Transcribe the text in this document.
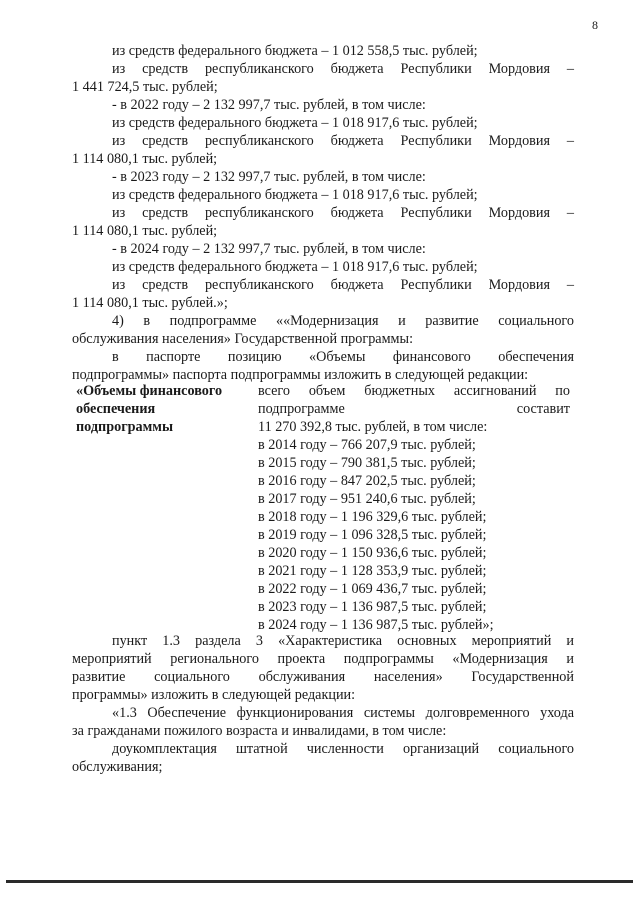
8
из средств федерального бюджета – 1 012 558,5 тыс. рублей;
из средств республиканского бюджета Республики Мордовия –
1 441 724,5 тыс. рублей;
- в 2022 году – 2 132 997,7 тыс. рублей, в том числе:
из средств федерального бюджета – 1 018 917,6 тыс. рублей;
из средств республиканского бюджета Республики Мордовия –
1 114 080,1 тыс. рублей;
- в 2023 году – 2 132 997,7 тыс. рублей, в том числе:
из средств федерального бюджета – 1 018 917,6 тыс. рублей;
из средств республиканского бюджета Республики Мордовия –
1 114 080,1 тыс. рублей;
- в 2024 году – 2 132 997,7 тыс. рублей, в том числе:
из средств федерального бюджета – 1 018 917,6 тыс. рублей;
из средств республиканского бюджета Республики Мордовия –
1 114 080,1 тыс. рублей.»;
4) в подпрограмме ««Модернизация и развитие социального
обслуживания населения» Государственной программы:
в паспорте позицию «Объемы финансового обеспечения
подпрограммы» паспорта подпрограммы изложить в следующей редакции:
«Объемы финансового
обеспечения
подпрограммы
всего объем бюджетных ассигнований по
подпрограмме составит
11 270 392,8 тыс. рублей, в том числе:
в 2014 году – 766 207,9 тыс. рублей;
в 2015 году – 790 381,5 тыс. рублей;
в 2016 году – 847 202,5 тыс. рублей;
в 2017 году – 951 240,6 тыс. рублей;
в 2018 году – 1 196 329,6 тыс. рублей;
в 2019 году – 1 096 328,5 тыс. рублей;
в 2020 году – 1 150 936,6 тыс. рублей;
в 2021 году – 1 128 353,9 тыс. рублей;
в 2022 году – 1 069 436,7 тыс. рублей;
в 2023 году – 1 136 987,5 тыс. рублей;
в 2024 году – 1 136 987,5 тыс. рублей»;
пункт 1.3 раздела 3 «Характеристика основных мероприятий и
мероприятий регионального проекта подпрограммы «Модернизация и
развитие социального обслуживания населения» Государственной
программы» изложить в следующей редакции:
«1.3 Обеспечение функционирования системы долговременного ухода
за гражданами пожилого возраста и инвалидами, в том числе:
доукомплектация штатной численности организаций социального
обслуживания;
